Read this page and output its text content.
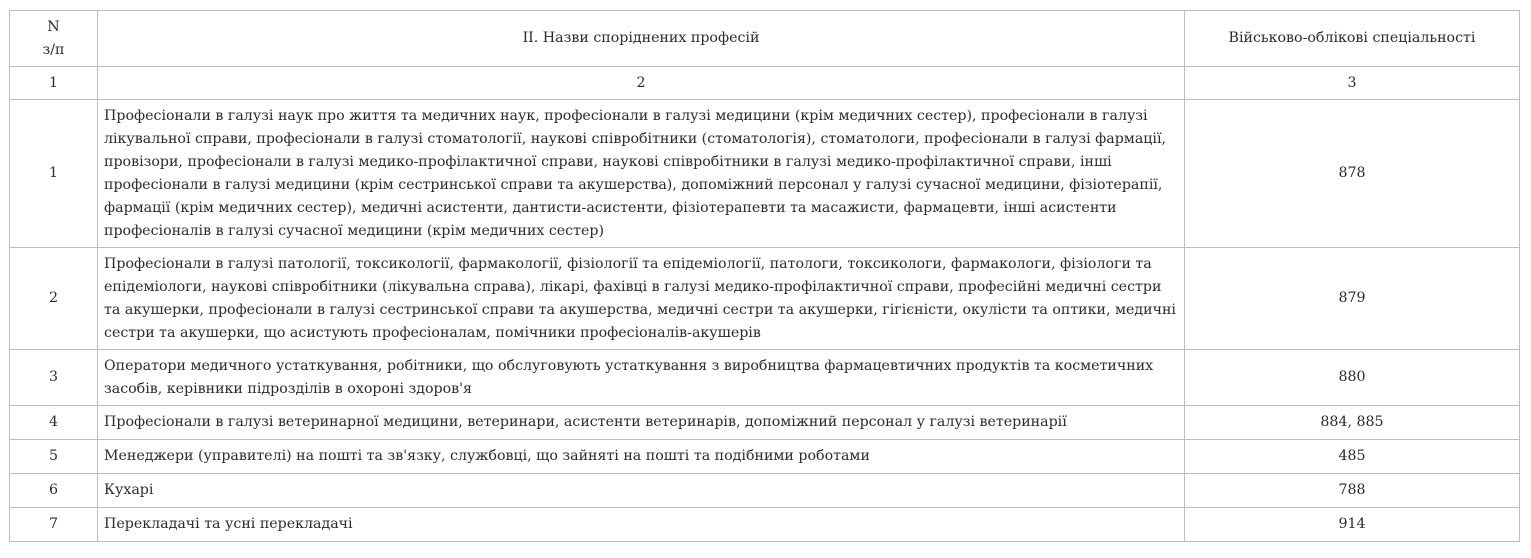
N
з/п	ІІ. Назви споріднених професій	Військово-облікові спеціальності
1	2	3
1	Професіонали в галузі наук про життя та медичних наук, професіонали в галузі медицини (крім медичних сестер), професіонали в галузі лікувальної справи, професіонали в галузі стоматології, наукові співробітники (стоматологія), стоматологи, професіонали в галузі фармації, провізори, професіонали в галузі медико-профілактичної справи, наукові співробітники в галузі медико-профілактичної справи, інші професіонали в галузі медицини (крім сестринської справи та акушерства), допоміжний персонал у галузі сучасної медицини, фізіотерапії, фармації (крім медичних сестер), медичні асистенти, дантисти-асистенти, фізіотерапевти та масажисти, фармацевти, інші асистенти професіоналів в галузі сучасної медицини (крім медичних сестер)	878
2	Професіонали в галузі патології, токсикології, фармакології, фізіології та епідеміології, патологи, токсикологи, фармакологи, фізіологи та епідеміологи, наукові співробітники (лікувальна справа), лікарі, фахівці в галузі медико-профілактичної справи, професійні медичні сестри та акушерки, професіонали в галузі сестринської справи та акушерства, медичні сестри та акушерки, гігієністи, окулісти та оптики, медичні сестри та акушерки, що асистують професіоналам, помічники професіоналів-акушерів	879
3	Оператори медичного устаткування, робітники, що обслуговують устаткування з виробництва фармацевтичних продуктів та косметичних засобів, керівники підрозділів в охороні здоров'я	880
4	Професіонали в галузі ветеринарної медицини, ветеринари, асистенти ветеринарів, допоміжний персонал у галузі ветеринарії	884, 885
5	Менеджери (управителі) на пошті та зв'язку, службовці, що зайняті на пошті та подібними роботами	485
6	Кухарі	788
7	Перекладачі та усні перекладачі	914
